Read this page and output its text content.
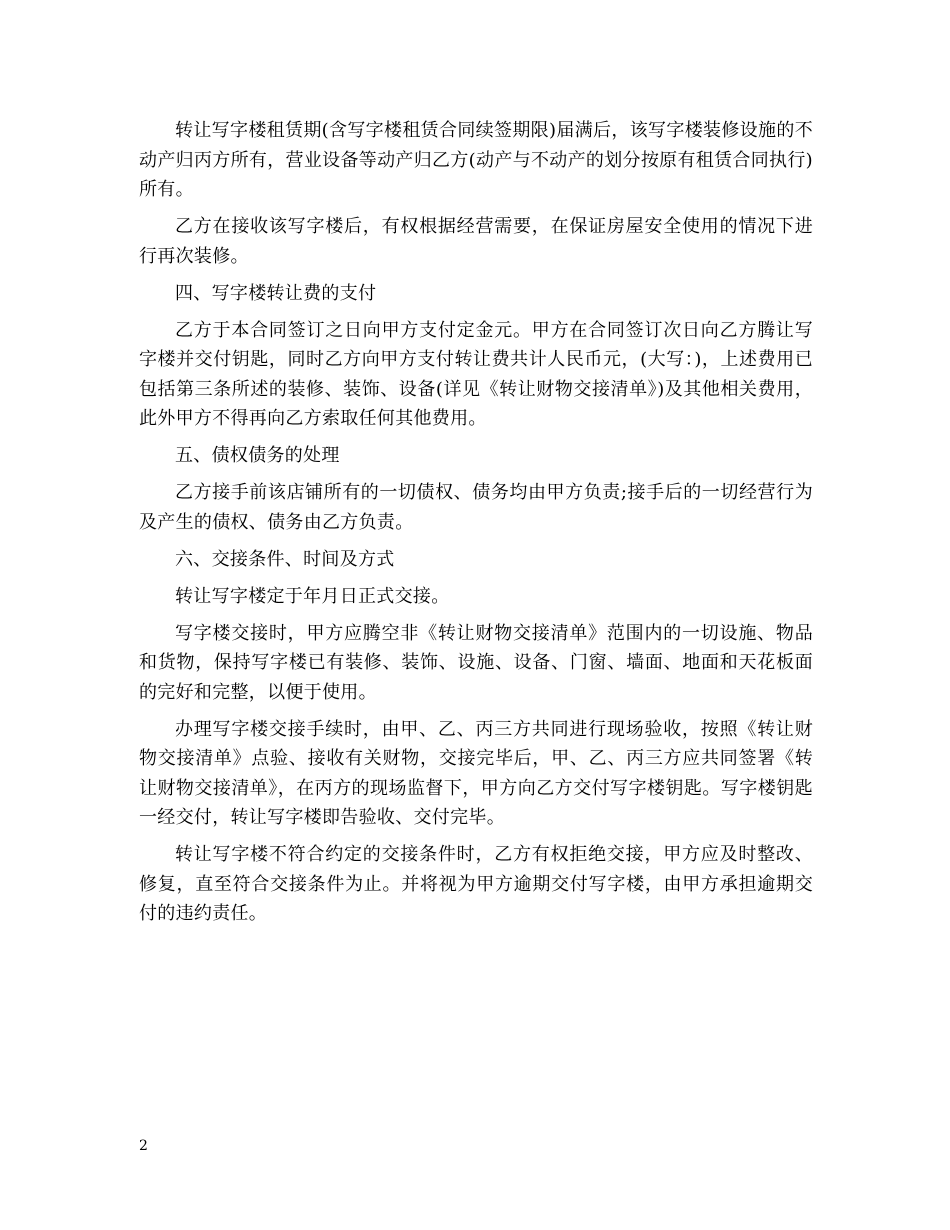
转让写字楼租赁期(含写字楼租赁合同续签期限)届满后，该写字楼装修设施的不动产归丙方所有，营业设备等动产归乙方(动产与不动产的划分按原有租赁合同执行)所有。

乙方在接收该写字楼后，有权根据经营需要，在保证房屋安全使用的情况下进行再次装修。

四、写字楼转让费的支付

乙方于本合同签订之日向甲方支付定金元。甲方在合同签订次日向乙方腾让写字楼并交付钥匙，同时乙方向甲方支付转让费共计人民币元，(大写：)，上述费用已包括第三条所述的装修、装饰、设备(详见《转让财物交接清单》)及其他相关费用，此外甲方不得再向乙方索取任何其他费用。

五、债权债务的处理

乙方接手前该店铺所有的一切债权、债务均由甲方负责;接手后的一切经营行为及产生的债权、债务由乙方负责。

六、交接条件、时间及方式

转让写字楼定于年月日正式交接。

写字楼交接时，甲方应腾空非《转让财物交接清单》范围内的一切设施、物品和货物，保持写字楼已有装修、装饰、设施、设备、门窗、墙面、地面和天花板面的完好和完整，以便于使用。

办理写字楼交接手续时，由甲、乙、丙三方共同进行现场验收，按照《转让财物交接清单》点验、接收有关财物，交接完毕后，甲、乙、丙三方应共同签署《转让财物交接清单》，在丙方的现场监督下，甲方向乙方交付写字楼钥匙。写字楼钥匙一经交付，转让写字楼即告验收、交付完毕。

转让写字楼不符合约定的交接条件时，乙方有权拒绝交接，甲方应及时整改、修复，直至符合交接条件为止。并将视为甲方逾期交付写字楼，由甲方承担逾期交付的违约责任。

2
